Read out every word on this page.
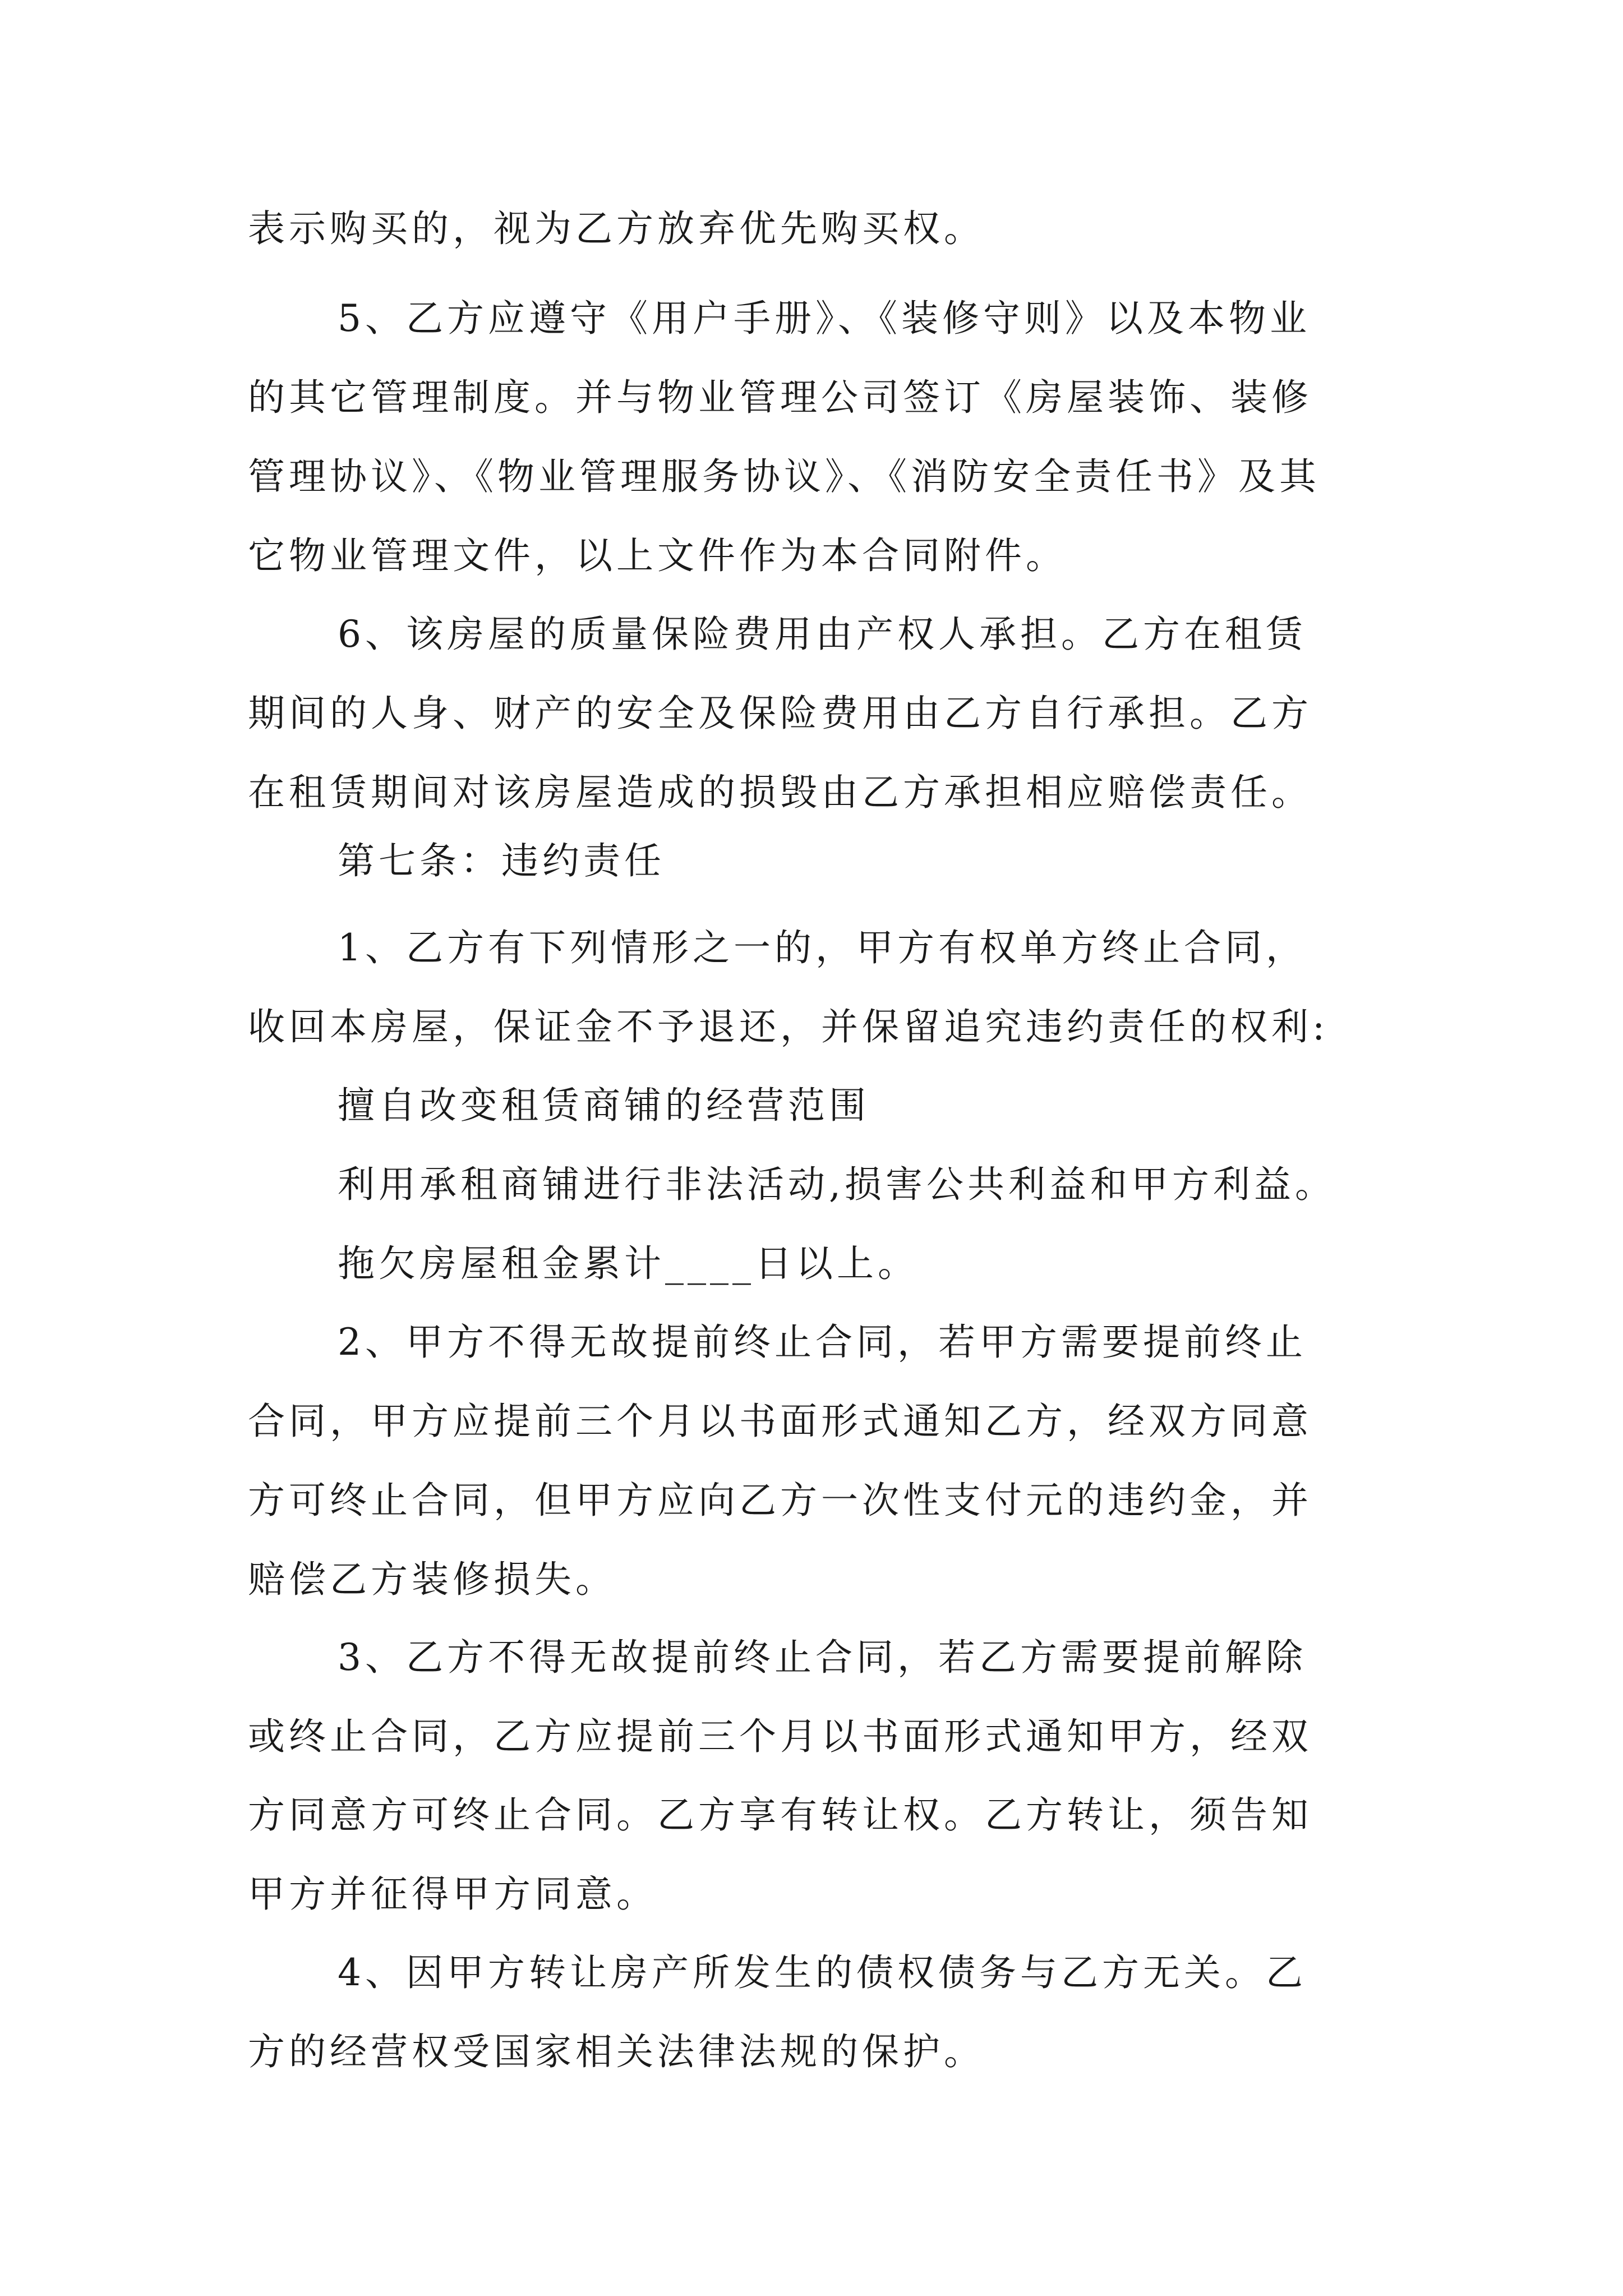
表示购买的，视为乙方放弃优先购买权。
5、乙方应遵守《用户手册》、《装修守则》以及本物业
的其它管理制度。并与物业管理公司签订《房屋装饰、装修
管理协议》、《物业管理服务协议》、《消防安全责任书》及其
它物业管理文件，以上文件作为本合同附件。
6、该房屋的质量保险费用由产权人承担。乙方在租赁
期间的人身、财产的安全及保险费用由乙方自行承担。乙方
在租赁期间对该房屋造成的损毁由乙方承担相应赔偿责任。
第七条：违约责任
1、乙方有下列情形之一的，甲方有权单方终止合同，
收回本房屋，保证金不予退还，并保留追究违约责任的权利:
擅自改变租赁商铺的经营范围
利用承租商铺进行非法活动,损害公共利益和甲方利益。
拖欠房屋租金累计____日以上。
2、甲方不得无故提前终止合同，若甲方需要提前终止
合同，甲方应提前三个月以书面形式通知乙方，经双方同意
方可终止合同，但甲方应向乙方一次性支付元的违约金，并
赔偿乙方装修损失。
3、乙方不得无故提前终止合同，若乙方需要提前解除
或终止合同，乙方应提前三个月以书面形式通知甲方，经双
方同意方可终止合同。乙方享有转让权。乙方转让，须告知
甲方并征得甲方同意。
4、因甲方转让房产所发生的债权债务与乙方无关。乙
方的经营权受国家相关法律法规的保护。
